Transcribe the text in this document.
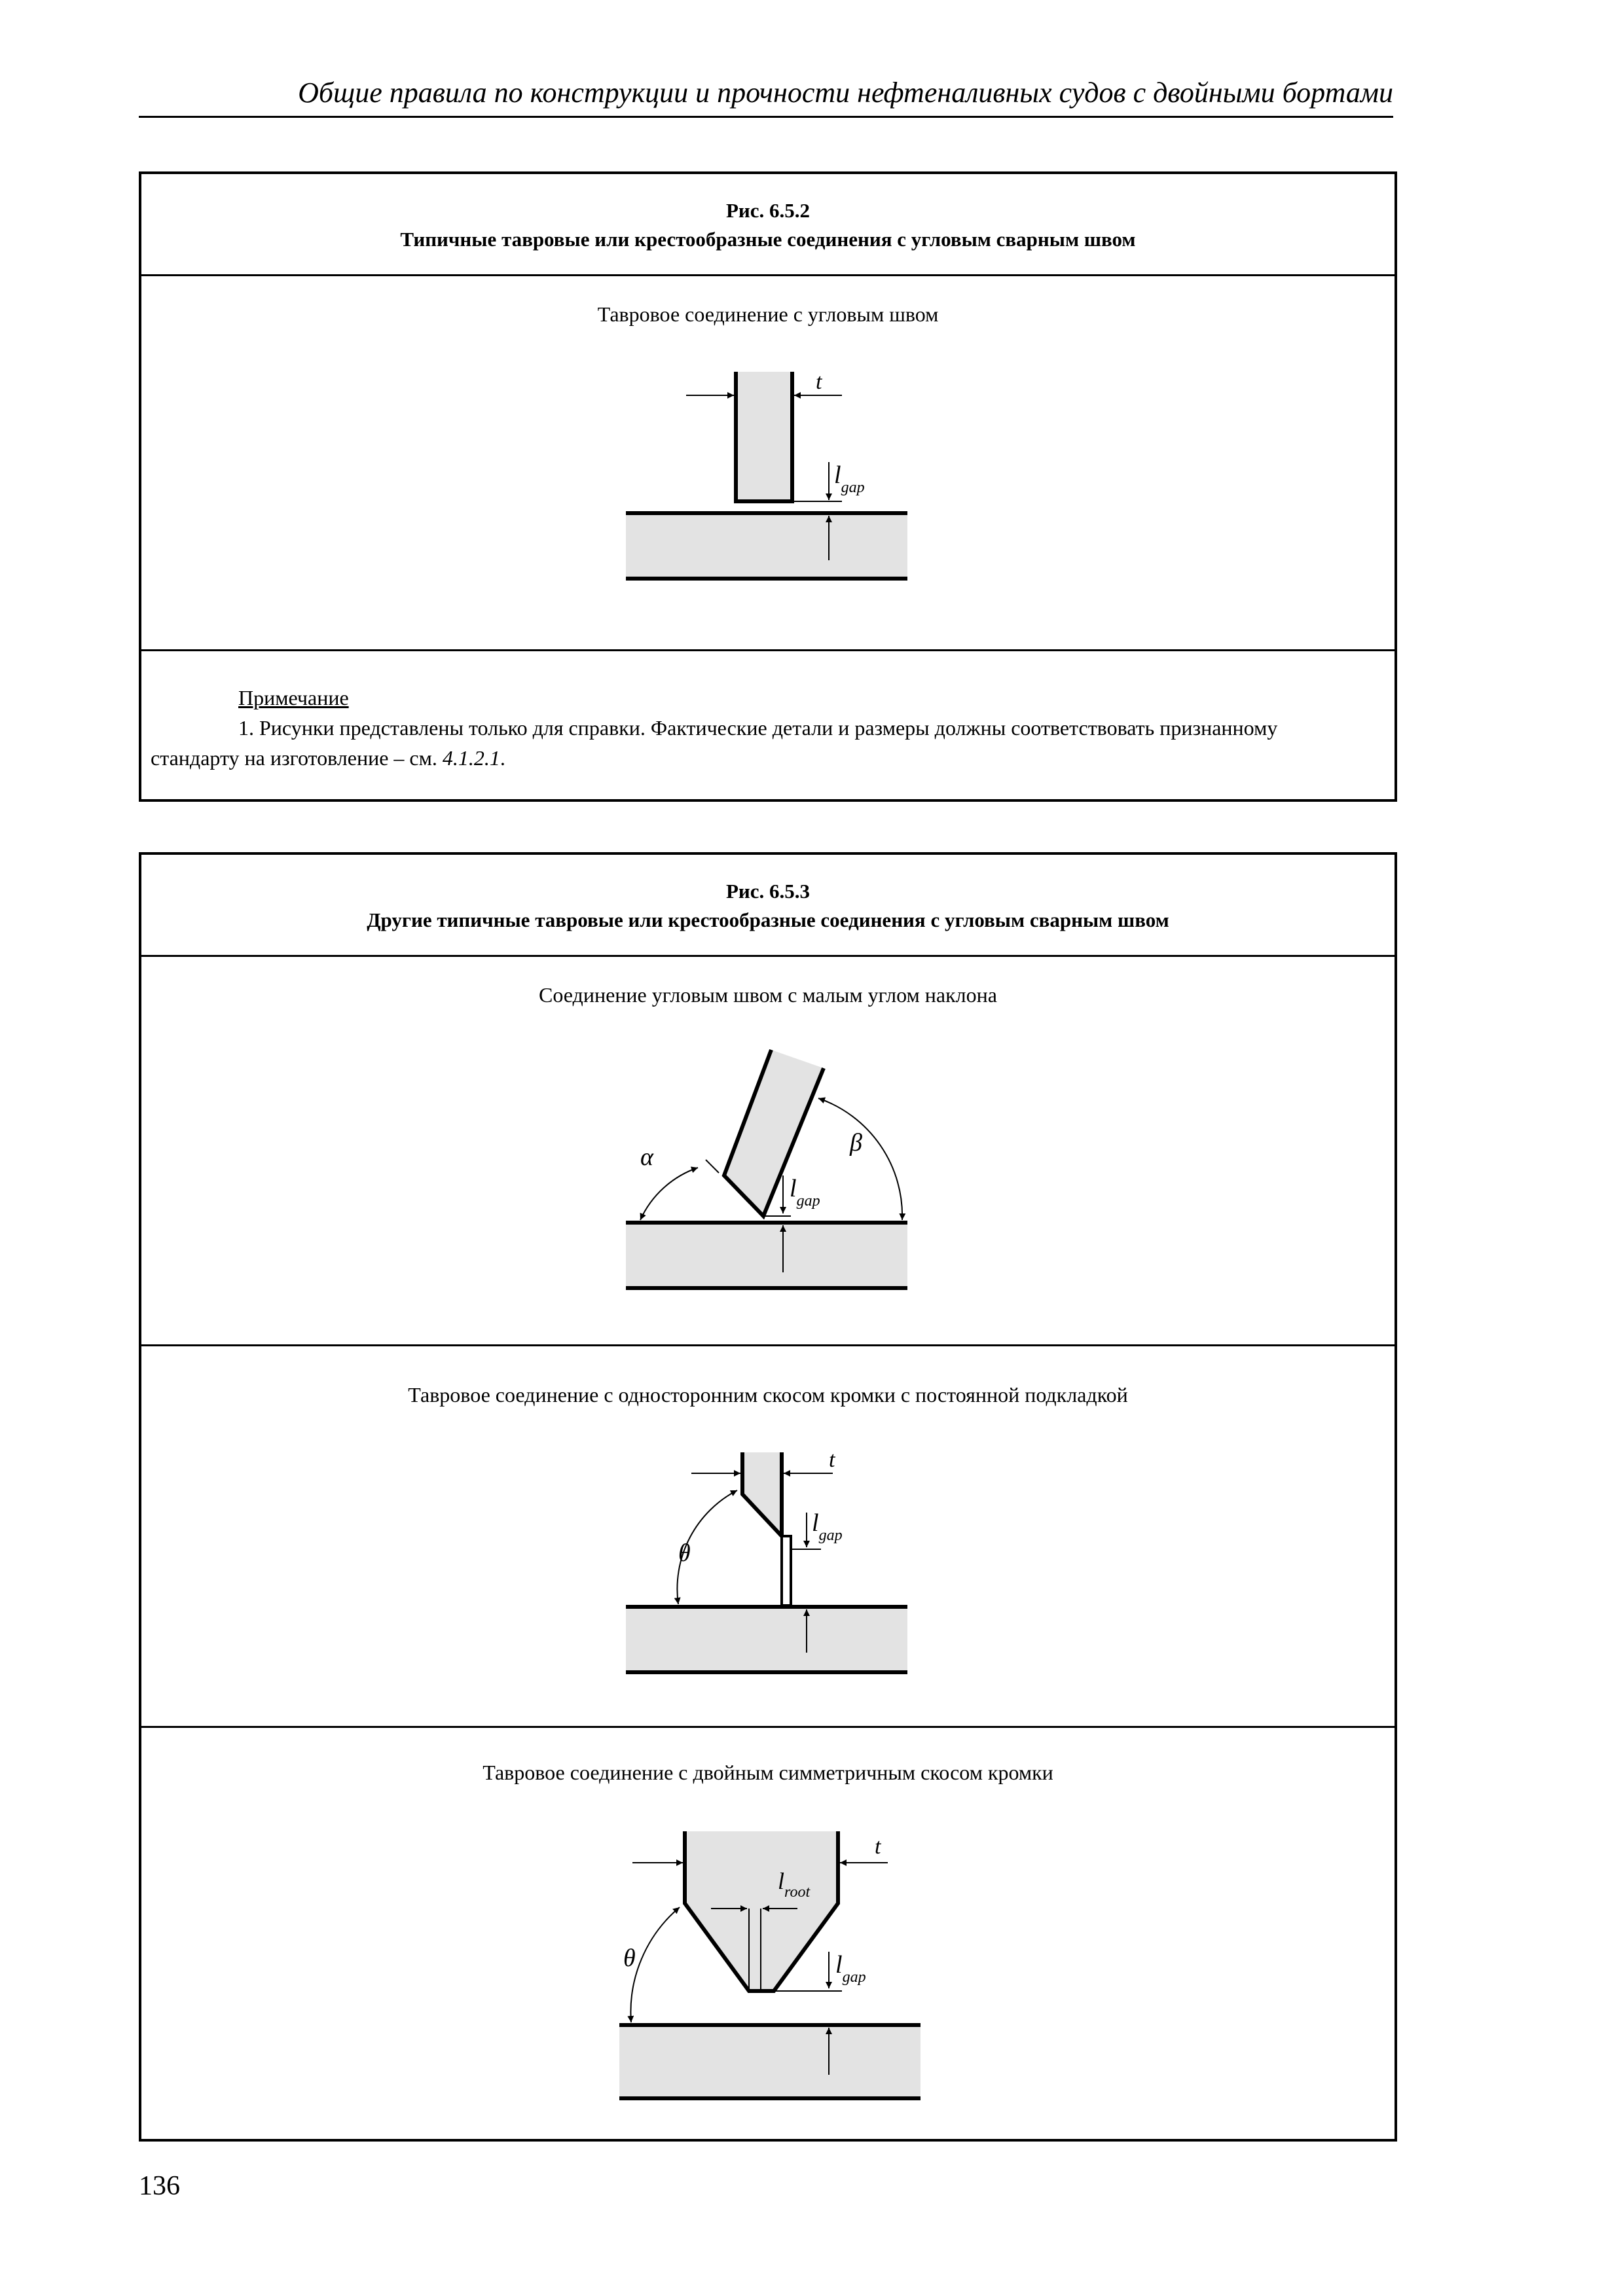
Общие правила по конструкции и прочности нефтеналивных судов с двойными бортами
Рис. 6.5.2
Типичные тавровые или крестообразные соединения с угловым сварным швом
Тавровое соединение с угловым швом
t
$l_{gap}$
Примечание
1. Рисунки представлены только для справки. Фактические детали и размеры должны соответствовать признанному
стандарту на изготовление – см. 4.1.2.1.
Рис. 6.5.3
Другие типичные тавровые или крестообразные соединения с угловым сварным швом
Соединение угловым швом с малым углом наклона
α
β
$l_{gap}$
Тавровое соединение с односторонним скосом кромки с постоянной подкладкой
t
θ
$l_{gap}$
Тавровое соединение с двойным симметричным скосом кромки
t
θ
$l_{root}$
$l_{gap}$
136
